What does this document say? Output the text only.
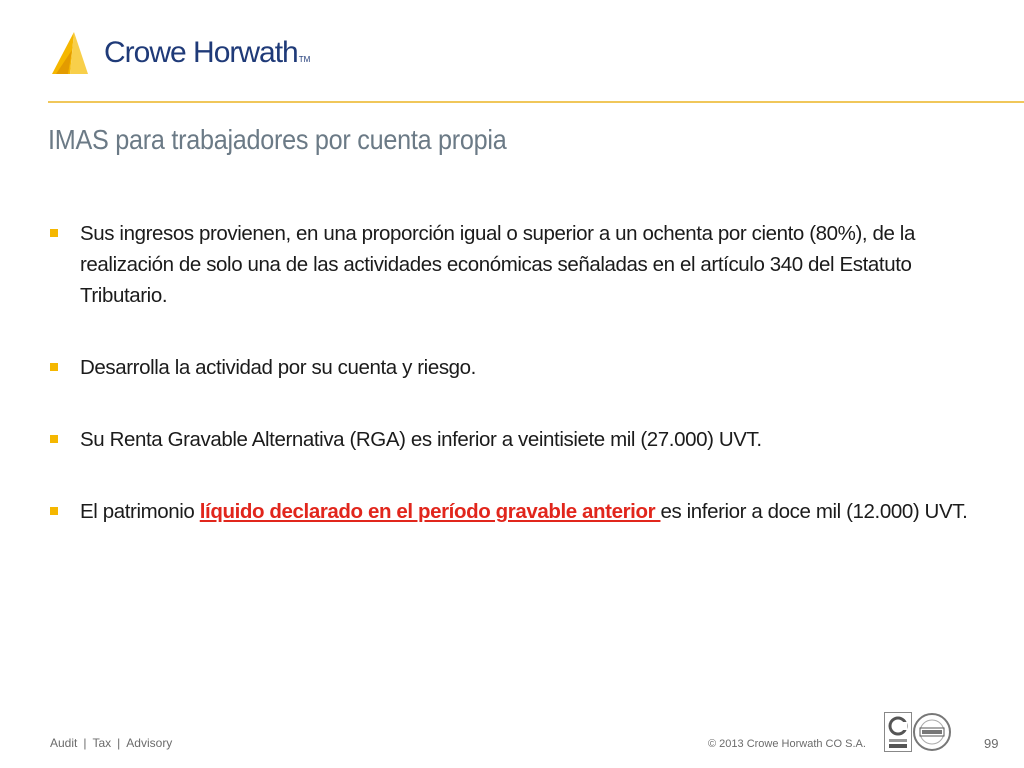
Crowe HorwathTM
IMAS para trabajadores por cuenta propia
Sus ingresos provienen, en una proporción igual o superior a un ochenta por ciento (80%), de la realización de solo una de las actividades económicas señaladas en el artículo 340 del Estatuto Tributario.
Desarrolla la actividad por su cuenta y riesgo.
Su Renta Gravable Alternativa (RGA) es inferior a veintisiete mil (27.000) UVT.
El patrimonio líquido declarado en el período gravable anterior es inferior a doce mil (12.000) UVT.
Audit | Tax | Advisory	© 2013 Crowe Horwath CO S.A.	99
